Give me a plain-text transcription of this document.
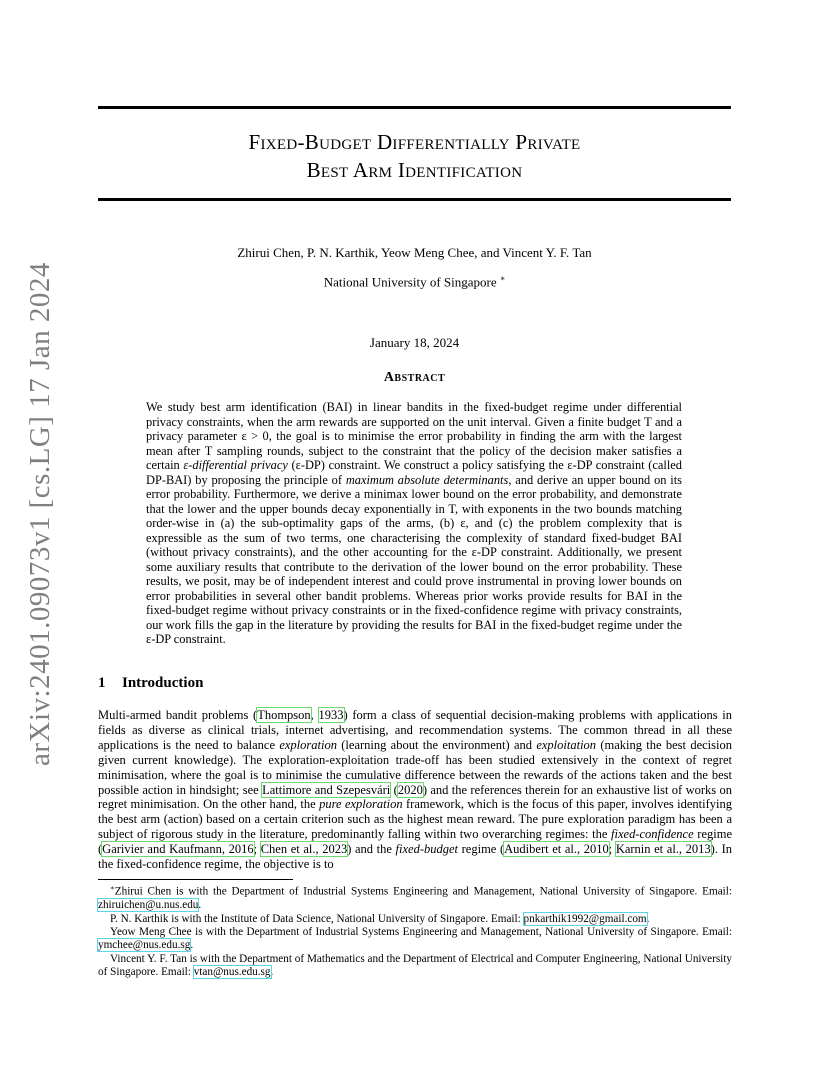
arXiv:2401.09073v1 [cs.LG] 17 Jan 2024
Fixed-Budget Differentially Private
Best Arm Identification
Zhirui Chen, P. N. Karthik, Yeow Meng Chee, and Vincent Y. F. Tan
National University of Singapore ∗
January 18, 2024
Abstract
We study best arm identification (BAI) in linear bandits in the fixed-budget regime under differential privacy constraints, when the arm rewards are supported on the unit interval. Given a finite budget T and a privacy parameter ε > 0, the goal is to minimise the error probability in finding the arm with the largest mean after T sampling rounds, subject to the constraint that the policy of the decision maker satisfies a certain ε-differential privacy (ε-DP) constraint. We construct a policy satisfying the ε-DP constraint (called DP-BAI) by proposing the principle of maximum absolute determinants, and derive an upper bound on its error probability. Furthermore, we derive a minimax lower bound on the error probability, and demonstrate that the lower and the upper bounds decay exponentially in T, with exponents in the two bounds matching order-wise in (a) the sub-optimality gaps of the arms, (b) ε, and (c) the problem complexity that is expressible as the sum of two terms, one characterising the complexity of standard fixed-budget BAI (without privacy constraints), and the other accounting for the ε-DP constraint. Additionally, we present some auxiliary results that contribute to the derivation of the lower bound on the error probability. These results, we posit, may be of independent interest and could prove instrumental in proving lower bounds on error probabilities in several other bandit problems. Whereas prior works provide results for BAI in the fixed-budget regime without privacy constraints or in the fixed-confidence regime with privacy constraints, our work fills the gap in the literature by providing the results for BAI in the fixed-budget regime under the ε-DP constraint.
1 Introduction
Multi-armed bandit problems (Thompson, 1933) form a class of sequential decision-making problems with applications in fields as diverse as clinical trials, internet advertising, and recommendation systems. The common thread in all these applications is the need to balance exploration (learning about the environment) and exploitation (making the best decision given current knowledge). The exploration-exploitation trade-off has been studied extensively in the context of regret minimisation, where the goal is to minimise the cumulative difference between the rewards of the actions taken and the best possible action in hindsight; see Lattimore and Szepesvári (2020) and the references therein for an exhaustive list of works on regret minimisation. On the other hand, the pure exploration framework, which is the focus of this paper, involves identifying the best arm (action) based on a certain criterion such as the highest mean reward. The pure exploration paradigm has been a subject of rigorous study in the literature, predominantly falling within two overarching regimes: the fixed-confidence regime (Garivier and Kaufmann, 2016; Chen et al., 2023) and the fixed-budget regime (Audibert et al., 2010; Karnin et al., 2013). In the fixed-confidence regime, the objective is to

∗Zhirui Chen is with the Department of Industrial Systems Engineering and Management, National University of Singapore. Email: zhiruichen@u.nus.edu.

P. N. Karthik is with the Institute of Data Science, National University of Singapore. Email: pnkarthik1992@gmail.com.

Yeow Meng Chee is with the Department of Industrial Systems Engineering and Management, National University of Singapore. Email: ymchee@nus.edu.sg.

Vincent Y. F. Tan is with the Department of Mathematics and the Department of Electrical and Computer Engineering, National University of Singapore. Email: vtan@nus.edu.sg.
